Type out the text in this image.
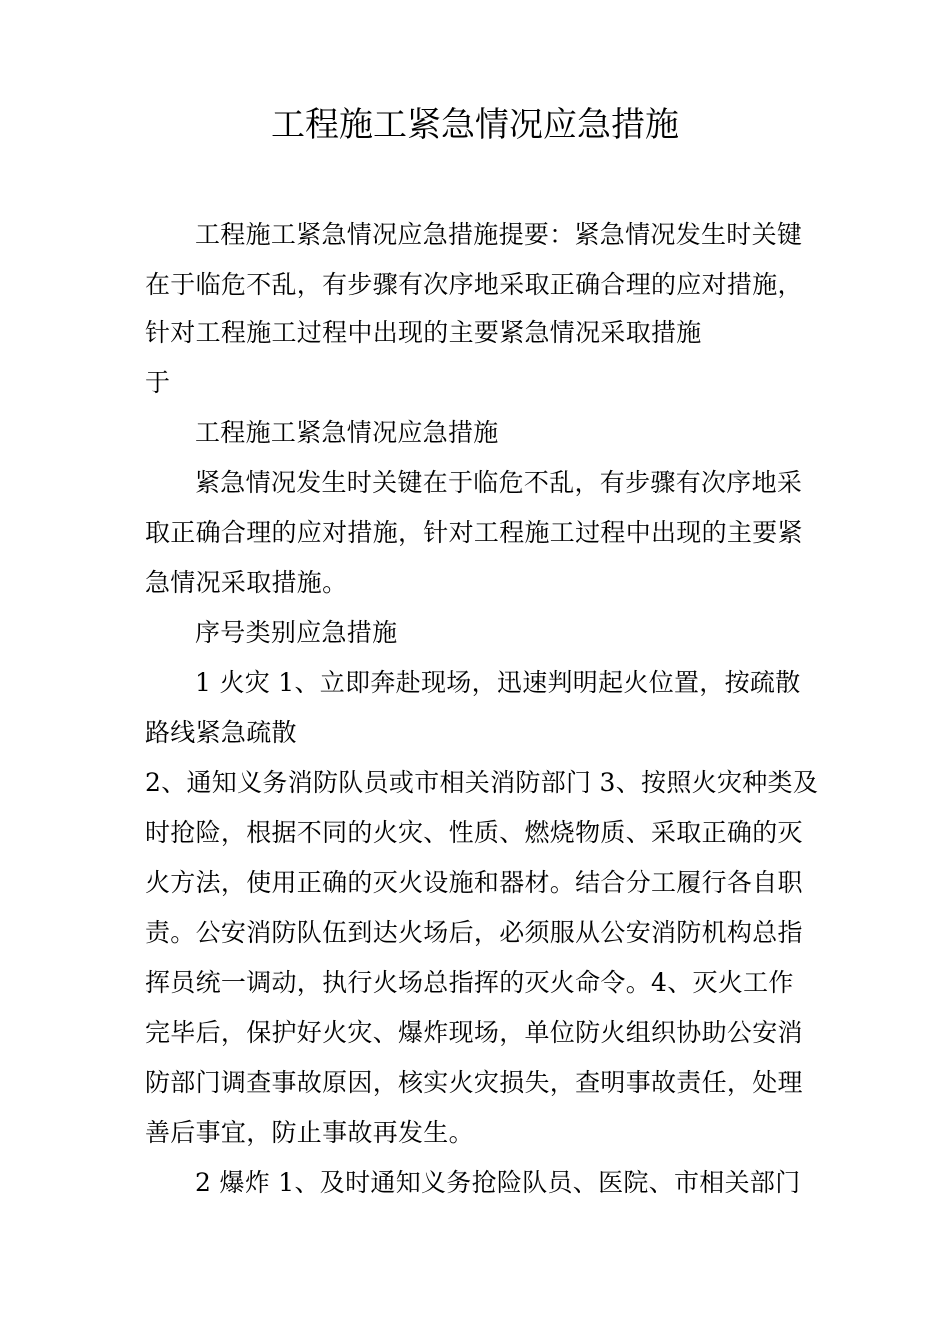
工程施工紧急情况应急措施
工程施工紧急情况应急措施提要：紧急情况发生时关键
在于临危不乱，有步骤有次序地采取正确合理的应对措施，
针对工程施工过程中出现的主要紧急情况采取措施
于
工程施工紧急情况应急措施
紧急情况发生时关键在于临危不乱，有步骤有次序地采
取正确合理的应对措施，针对工程施工过程中出现的主要紧
急情况采取措施。
序号类别应急措施
1 火灾 1、立即奔赴现场，迅速判明起火位置，按疏散
路线紧急疏散
2、通知义务消防队员或市相关消防部门 3、按照火灾种类及
时抢险，根据不同的火灾、性质、燃烧物质、采取正确的灭
火方法，使用正确的灭火设施和器材。结合分工履行各自职
责。公安消防队伍到达火场后，必须服从公安消防机构总指
挥员统一调动，执行火场总指挥的灭火命令。4、灭火工作
完毕后，保护好火灾、爆炸现场，单位防火组织协助公安消
防部门调查事故原因，核实火灾损失，查明事故责任，处理
善后事宜，防止事故再发生。
2 爆炸 1、及时通知义务抢险队员、医院、市相关部门
